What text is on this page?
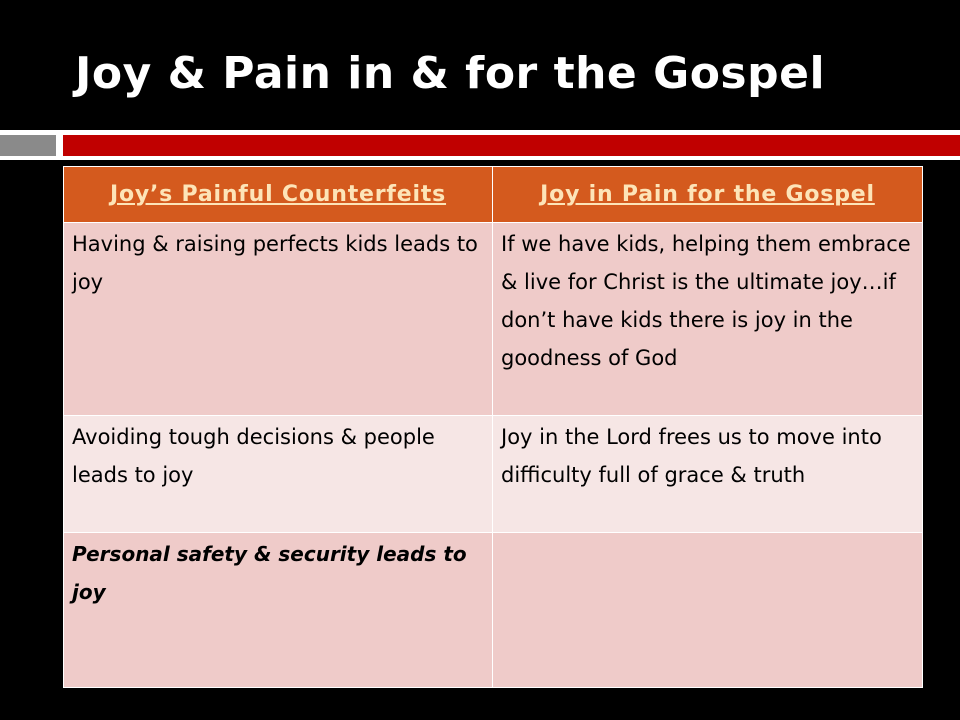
Joy & Pain in & for the Gospel
Joy’s Painful Counterfeits	Joy in Pain for the Gospel
Having & raising perfects kids leads to joy	If we have kids, helping them embrace & live for Christ is the ultimate joy…if don’t have kids there is joy in the goodness of God
Avoiding tough decisions & people leads to joy	Joy in the Lord frees us to move into difficulty full of grace & truth
Personal safety & security leads to joy	
